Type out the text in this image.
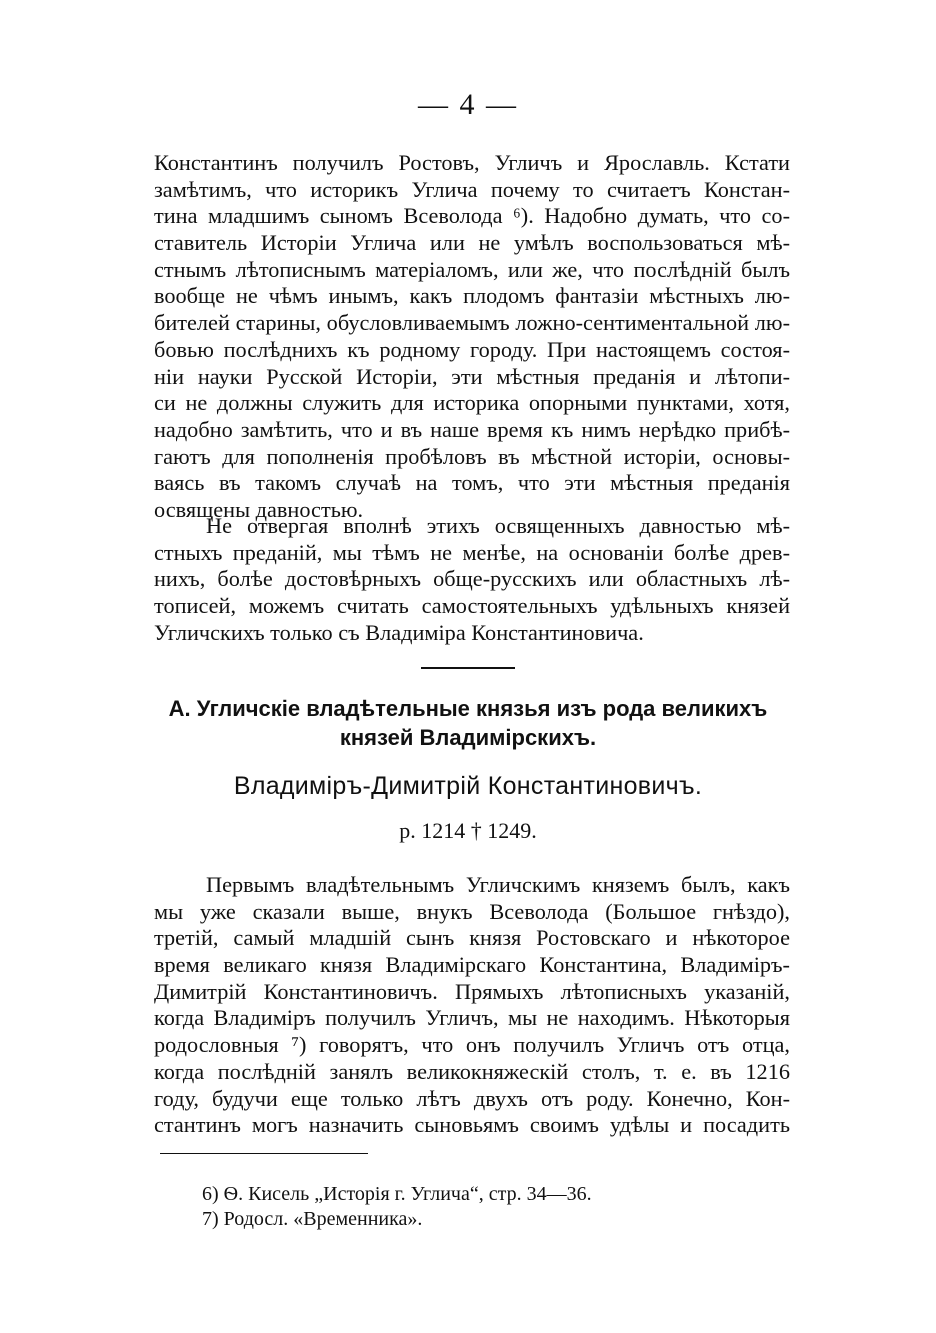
— 4 —
Константинъ получилъ Ростовъ, Угличъ и Ярославль. Кстати
замѣтимъ, что историкъ Углича почему то считаетъ Констан-
тина младшимъ сыномъ Всеволода ⁶). Надобно думать, что со-
ставитель Исторіи Углича или не умѣлъ воспользоваться мѣ-
стнымъ лѣтописнымъ матеріаломъ, или же, что послѣдній былъ
вообще не чѣмъ инымъ, какъ плодомъ фантазіи мѣстныхъ лю-
бителей старины, обусловливаемымъ ложно-сентиментальной лю-
бовью послѣднихъ къ родному городу. При настоящемъ состоя-
ніи науки Русской Исторіи, эти мѣстныя преданія и лѣтопи-
си не должны служить для историка опорными пунктами, хотя,
надобно замѣтить, что и въ наше время къ нимъ нерѣдко прибѣ-
гаютъ для пополненія пробѣловъ въ мѣстной исторіи, основы-
ваясь въ такомъ случаѣ на томъ, что эти мѣстныя преданія
освящены давностью.
Не отвергая вполнѣ этихъ освященныхъ давностью мѣ-
стныхъ преданій, мы тѣмъ не менѣе, на основаніи болѣе древ-
нихъ, болѣе достовѣрныхъ обще-русскихъ или областныхъ лѣ-
тописей, можемъ считать самостоятельныхъ удѣльныхъ князей
Угличскихъ только съ Владиміра Константиновича.
А. Угличскіе владѣтельные князья изъ рода великихъ
князей Владимірскихъ.
Владиміръ-Димитрій Константиновичъ.
р. 1214 † 1249.
Первымъ владѣтельнымъ Угличскимъ княземъ былъ, какъ
мы уже сказали выше, внукъ Всеволода (Большое гнѣздо),
третій, самый младшій сынъ князя Ростовскаго и нѣкоторое
время великаго князя Владимірскаго Константина, Владиміръ-
Димитрій Константиновичъ. Прямыхъ лѣтописныхъ указаній,
когда Владиміръ получилъ Угличъ, мы не находимъ. Нѣкоторыя
родословныя ⁷) говорятъ, что онъ получилъ Угличъ отъ отца,
когда послѣдній занялъ великокняжескій столъ, т. е. въ 1216
году, будучи еще только лѣтъ двухъ отъ роду. Конечно, Кон-
стантинъ могъ назначить сыновьямъ своимъ удѣлы и посадить
6) Ѳ. Кисель „Исторія г. Углича“, стр. 34—36.
7) Родосл. «Временника».
